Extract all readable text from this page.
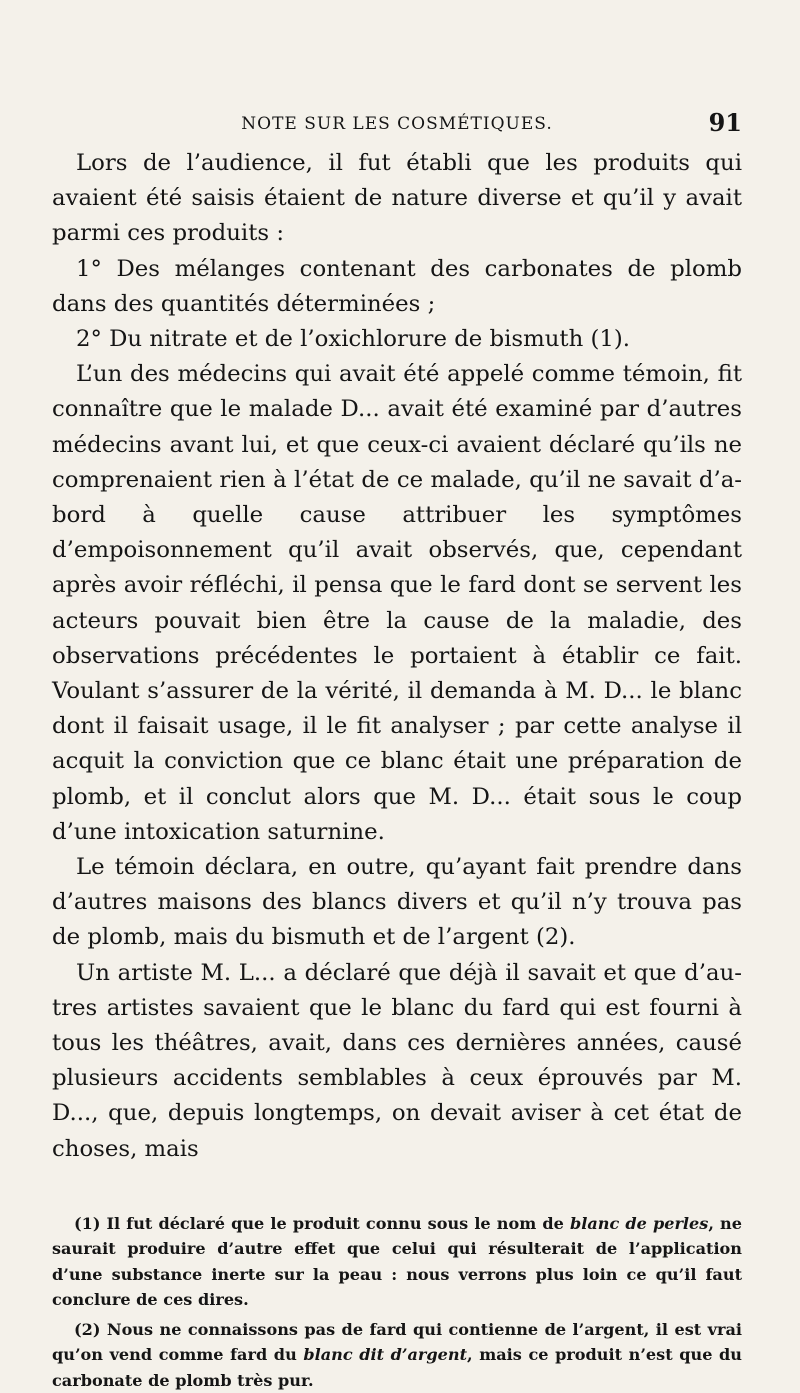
NOTE SUR LES COSMÉTIQUES.	91

Lors de l’audience, il fut établi que les produits qui avaient été saisis étaient de nature diverse et qu’il y avait parmi ces produits :

1° Des mélanges contenant des carbonates de plomb dans des quantités déterminées ;

2° Du nitrate et de l’oxichlorure de bismuth (1).

L’un des médecins qui avait été appelé comme témoin, fit connaître que le malade D... avait été examiné par d’autres médecins avant lui, et que ceux-ci avaient déclaré qu’ils ne comprenaient rien à l’état de ce malade, qu’il ne savait d’abord à quelle cause attribuer les symptômes d’empoisonnement qu’il avait observés, que, cependant après avoir réfléchi, il pensa que le fard dont se servent les acteurs pouvait bien être la cause de la maladie, des observations précédentes le portaient à établir ce fait. Voulant s’assurer de la vérité, il demanda à M. D... le blanc dont il faisait usage, il le fit analyser ; par cette analyse il acquit la conviction que ce blanc était une préparation de plomb, et il conclut alors que M. D... était sous le coup d’une intoxication saturnine.

Le témoin déclara, en outre, qu’ayant fait prendre dans d’autres maisons des blancs divers et qu’il n’y trouva pas de plomb, mais du bismuth et de l’argent (2).

Un artiste M. L... a déclaré que déjà il savait et que d’autres artistes savaient que le blanc du fard qui est fourni à tous les théâtres, avait, dans ces dernières années, causé plusieurs accidents semblables à ceux éprouvés par M. D..., que, depuis longtemps, on devait aviser à cet état de choses, mais

(1) Il fut déclaré que le produit connu sous le nom de blanc de perles, ne saurait produire d’autre effet que celui qui résulterait de l’application d’une substance inerte sur la peau : nous verrons plus loin ce qu’il faut conclure de ces dires.

(2) Nous ne connaissons pas de fard qui contienne de l’argent, il est vrai qu’on vend comme fard du blanc dit d’argent, mais ce produit n’est que du carbonate de plomb très pur.
